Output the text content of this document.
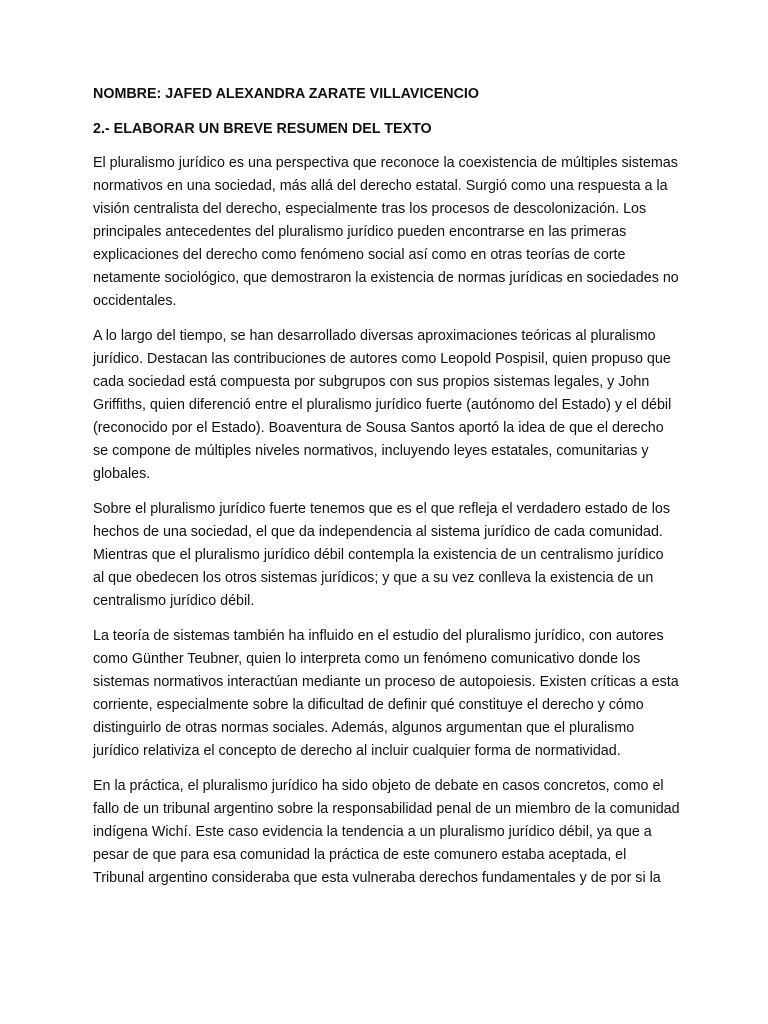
NOMBRE: JAFED ALEXANDRA ZARATE VILLAVICENCIO

2.- ELABORAR UN BREVE RESUMEN DEL TEXTO

El pluralismo jurídico es una perspectiva que reconoce la coexistencia de múltiples sistemas
normativos en una sociedad, más allá del derecho estatal. Surgió como una respuesta a la
visión centralista del derecho, especialmente tras los procesos de descolonización. Los
principales antecedentes del pluralismo jurídico pueden encontrarse en las primeras
explicaciones del derecho como fenómeno social así como en otras teorías de corte
netamente sociológico, que demostraron la existencia de normas jurídicas en sociedades no
occidentales.

A lo largo del tiempo, se han desarrollado diversas aproximaciones teóricas al pluralismo
jurídico. Destacan las contribuciones de autores como Leopold Pospisil, quien propuso que
cada sociedad está compuesta por subgrupos con sus propios sistemas legales, y John
Griffiths, quien diferenció entre el pluralismo jurídico fuerte (autónomo del Estado) y el débil
(reconocido por el Estado). Boaventura de Sousa Santos aportó la idea de que el derecho
se compone de múltiples niveles normativos, incluyendo leyes estatales, comunitarias y
globales.

Sobre el pluralismo jurídico fuerte tenemos que es el que refleja el verdadero estado de los
hechos de una sociedad, el que da independencia al sistema jurídico de cada comunidad.
Mientras que el pluralismo jurídico débil contempla la existencia de un centralismo jurídico
al que obedecen los otros sistemas jurídicos; y que a su vez conlleva la existencia de un
centralismo jurídico débil.

La teoría de sistemas también ha influido en el estudio del pluralismo jurídico, con autores
como Günther Teubner, quien lo interpreta como un fenómeno comunicativo donde los
sistemas normativos interactúan mediante un proceso de autopoiesis. Existen críticas a esta
corriente, especialmente sobre la dificultad de definir qué constituye el derecho y cómo
distinguirlo de otras normas sociales. Además, algunos argumentan que el pluralismo
jurídico relativiza el concepto de derecho al incluir cualquier forma de normatividad.

En la práctica, el pluralismo jurídico ha sido objeto de debate en casos concretos, como el
fallo de un tribunal argentino sobre la responsabilidad penal de un miembro de la comunidad
indígena Wichí. Este caso evidencia la tendencia a un pluralismo jurídico débil, ya que a
pesar de que para esa comunidad la práctica de este comunero estaba aceptada, el
Tribunal argentino consideraba que esta vulneraba derechos fundamentales y de por si la
